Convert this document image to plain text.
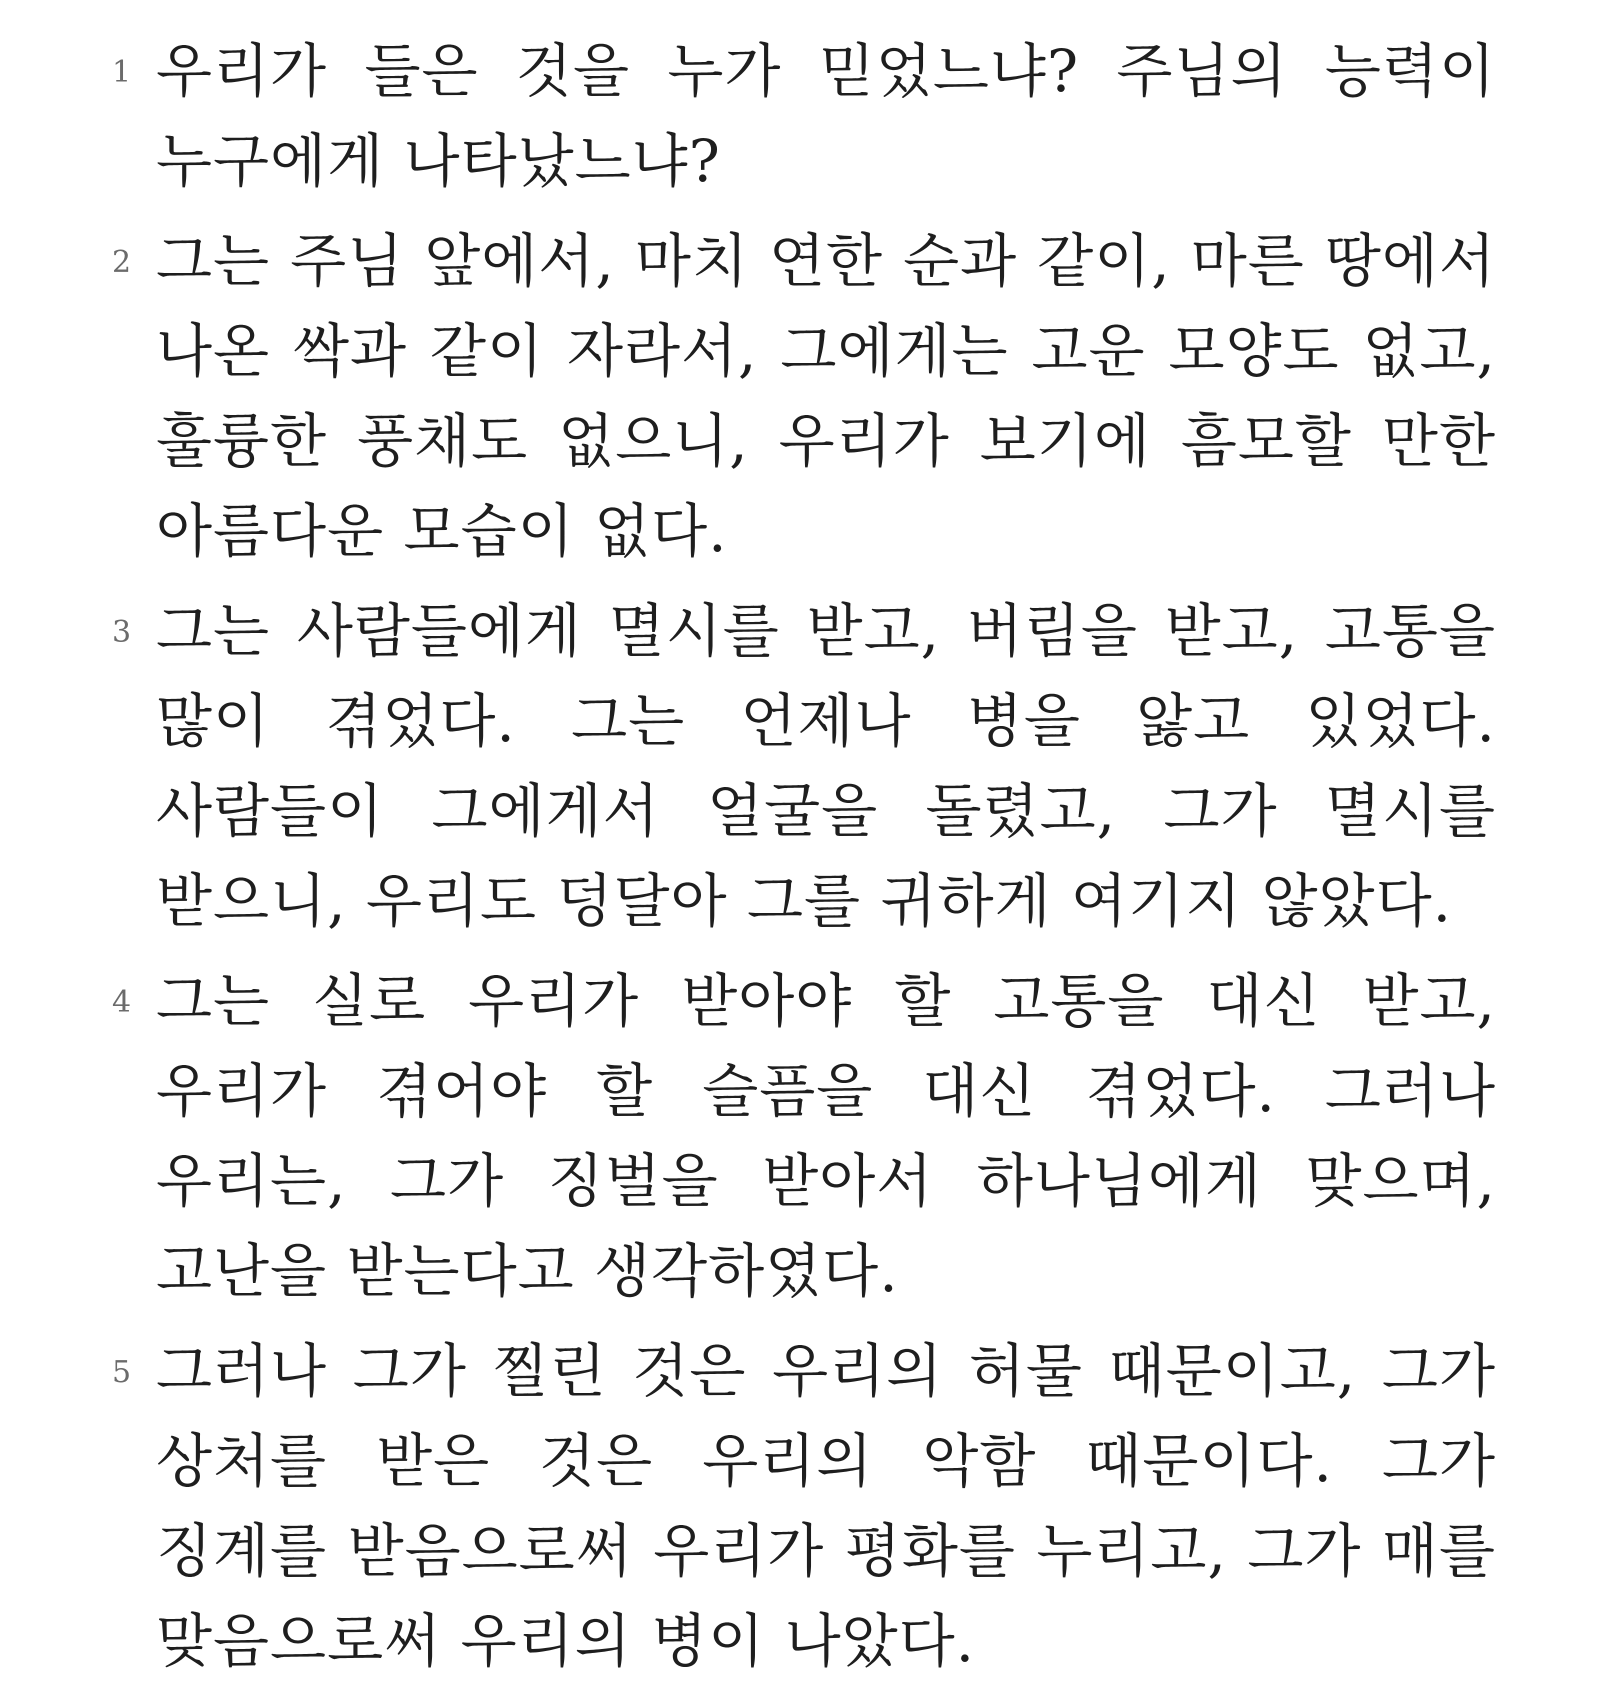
1 우리가 들은 것을 누가 믿었느냐? 주님의 능력이 누구에게 나타났느냐?

2 그는 주님 앞에서, 마치 연한 순과 같이, 마른 땅에서 나온 싹과 같이 자라서, 그에게는 고운 모양도 없고, 훌륭한 풍채도 없으니, 우리가 보기에 흠모할 만한 아름다운 모습이 없다.

3 그는 사람들에게 멸시를 받고, 버림을 받고, 고통을 많이 겪었다. 그는 언제나 병을 앓고 있었다. 사람들이 그에게서 얼굴을 돌렸고, 그가 멸시를 받으니, 우리도 덩달아 그를 귀하게 여기지 않았다.

4 그는 실로 우리가 받아야 할 고통을 대신 받고, 우리가 겪어야 할 슬픔을 대신 겪었다. 그러나 우리는, 그가 징벌을 받아서 하나님에게 맞으며, 고난을 받는다고 생각하였다.

5 그러나 그가 찔린 것은 우리의 허물 때문이고, 그가 상처를 받은 것은 우리의 악함 때문이다. 그가 징계를 받음으로써 우리가 평화를 누리고, 그가 매를 맞음으로써 우리의 병이 나았다.
